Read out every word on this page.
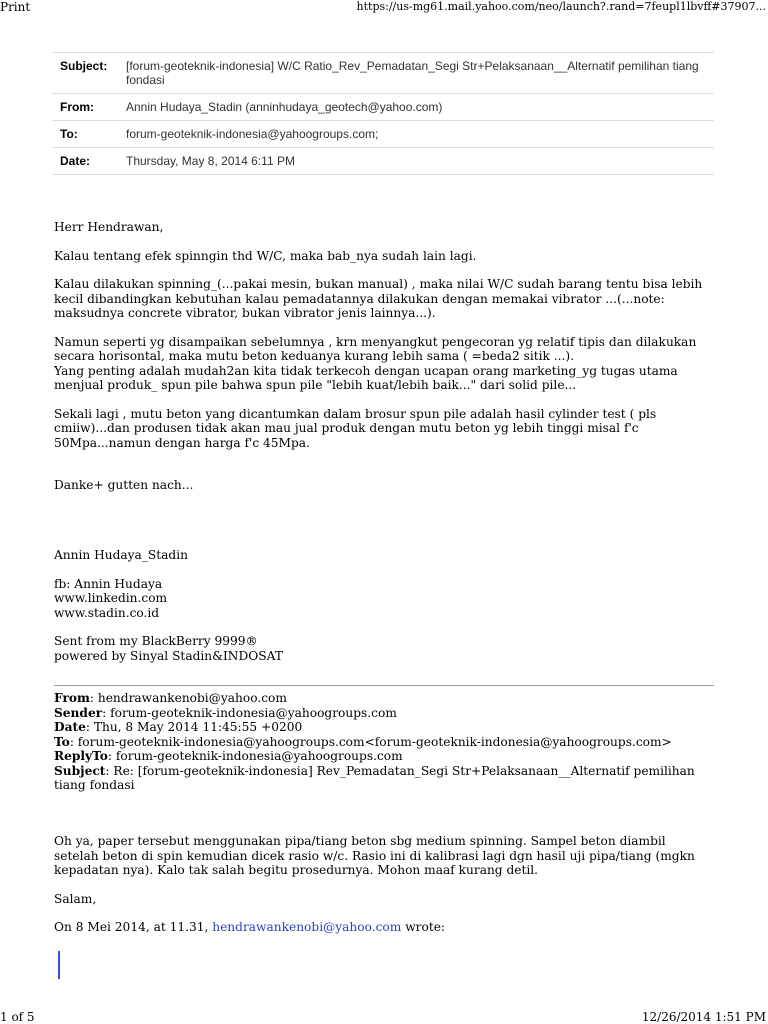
Print	https://us-mg61.mail.yahoo.com/neo/launch?.rand=7feupl1lbvff#37907...
Subject:	[forum-geoteknik-indonesia] W/C Ratio_Rev_Pemadatan_Segi Str+Pelaksanaan__Alternatif pemilihan tiang fondasi
From:	Annin Hudaya_Stadin (anninhudaya_geotech@yahoo.com)
To:	forum-geoteknik-indonesia@yahoogroups.com;
Date:	Thursday, May 8, 2014 6:11 PM

Herr Hendrawan,

Kalau tentang efek spinngin thd W/C, maka bab_nya sudah lain lagi.

Kalau dilakukan spinning_(...pakai mesin, bukan manual) , maka nilai W/C sudah barang tentu bisa lebih kecil dibandingkan kebutuhan kalau pemadatannya dilakukan dengan memakai vibrator ...(...note: maksudnya concrete vibrator, bukan vibrator jenis lainnya...).

Namun seperti yg disampaikan sebelumnya , krn menyangkut pengecoran yg relatif tipis dan dilakukan secara horisontal, maka mutu beton keduanya kurang lebih sama ( =beda2 sitik ...).

Yang penting adalah mudah2an kita tidak terkecoh dengan ucapan orang marketing_yg tugas utama menjual produk_ spun pile bahwa spun pile "lebih kuat/lebih baik..." dari solid pile...

Sekali lagi , mutu beton yang dicantumkan dalam brosur spun pile adalah hasil cylinder test ( pls cmiiw)...dan produsen tidak akan mau jual produk dengan mutu beton yg lebih tinggi misal f'c 50Mpa...namun dengan harga f'c 45Mpa.

Danke+ gutten nach...

Annin Hudaya_Stadin

fb: Annin Hudaya

www.linkedin.com

www.stadin.co.id

Sent from my BlackBerry 9999®

powered by Sinyal Stadin&INDOSAT

From: hendrawankenobi@yahoo.com

Sender: forum-geoteknik-indonesia@yahoogroups.com

Date: Thu, 8 May 2014 11:45:55 +0200

To: forum-geoteknik-indonesia@yahoogroups.com<forum-geoteknik-indonesia@yahoogroups.com>

ReplyTo: forum-geoteknik-indonesia@yahoogroups.com

Subject: Re: [forum-geoteknik-indonesia] Rev_Pemadatan_Segi Str+Pelaksanaan__Alternatif pemilihan tiang fondasi

Oh ya, paper tersebut menggunakan pipa/tiang beton sbg medium spinning. Sampel beton diambil setelah beton di spin kemudian dicek rasio w/c. Rasio ini di kalibrasi lagi dgn hasil uji pipa/tiang (mgkn kepadatan nya). Kalo tak salah begitu prosedurnya. Mohon maaf kurang detil.

Salam,

On 8 Mei 2014, at 11.31, hendrawankenobi@yahoo.com wrote:

1 of 5	12/26/2014 1:51 PM
